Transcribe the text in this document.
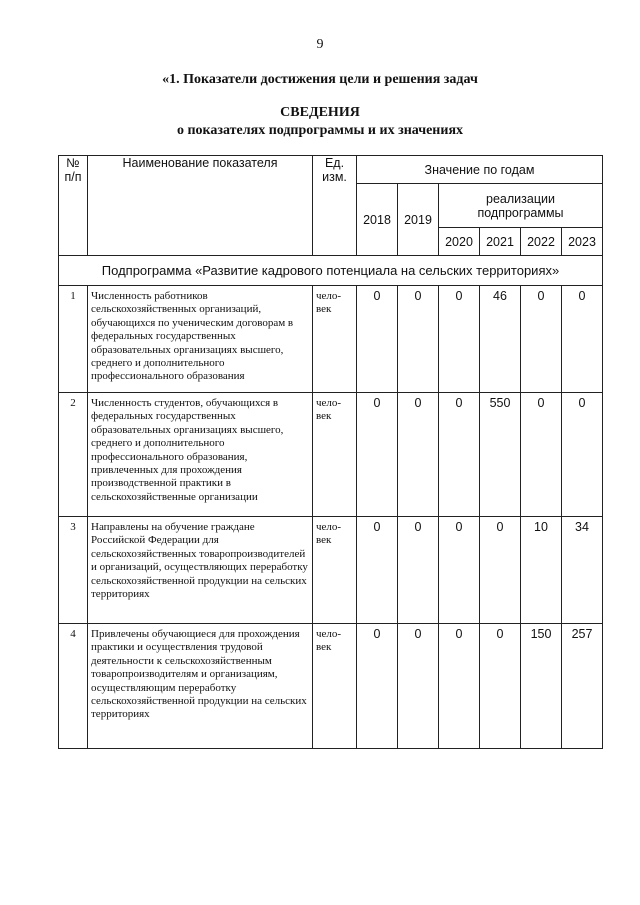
9
«1. Показатели достижения цели и решения задач
СВЕДЕНИЯ
о показателях подпрограммы и их значениях
№
п/п	Наименование показателя	Ед.
изм.	Значение по годам					
			2018	2019	реализации
подпрограммы			
					2020	2021	2022	2023
Подпрограмма «Развитие кадрового потенциала на сельских территориях»								
1	Численность работников сельскохозяйственных организаций, обучающихся по ученическим договорам в федеральных государственных образовательных организациях высшего, среднего и дополнительного профессионального образования	чело-
век	0	0	0	46	0	0
2	Численность студентов, обучающихся в федеральных государственных образовательных организациях высшего, среднего и дополнительного профессионального образования, привлеченных для прохождения производственной практики в сельскохозяйственные организации	чело-
век	0	0	0	550	0	0
3	Направлены на обучение граждане Российской Федерации для сельскохозяйственных товаропроизводителей и организаций, осуществляющих переработку сельскохозяйственной продукции на сельских территориях	чело-
век	0	0	0	0	10	34
4	Привлечены обучающиеся для прохождения практики и осуществления трудовой деятельности к сельскохозяйственным товаропроизводителям и организациям, осуществляющим переработку сельскохозяйственной продукции на сельских территориях	чело-
век	0	0	0	0	150	257
